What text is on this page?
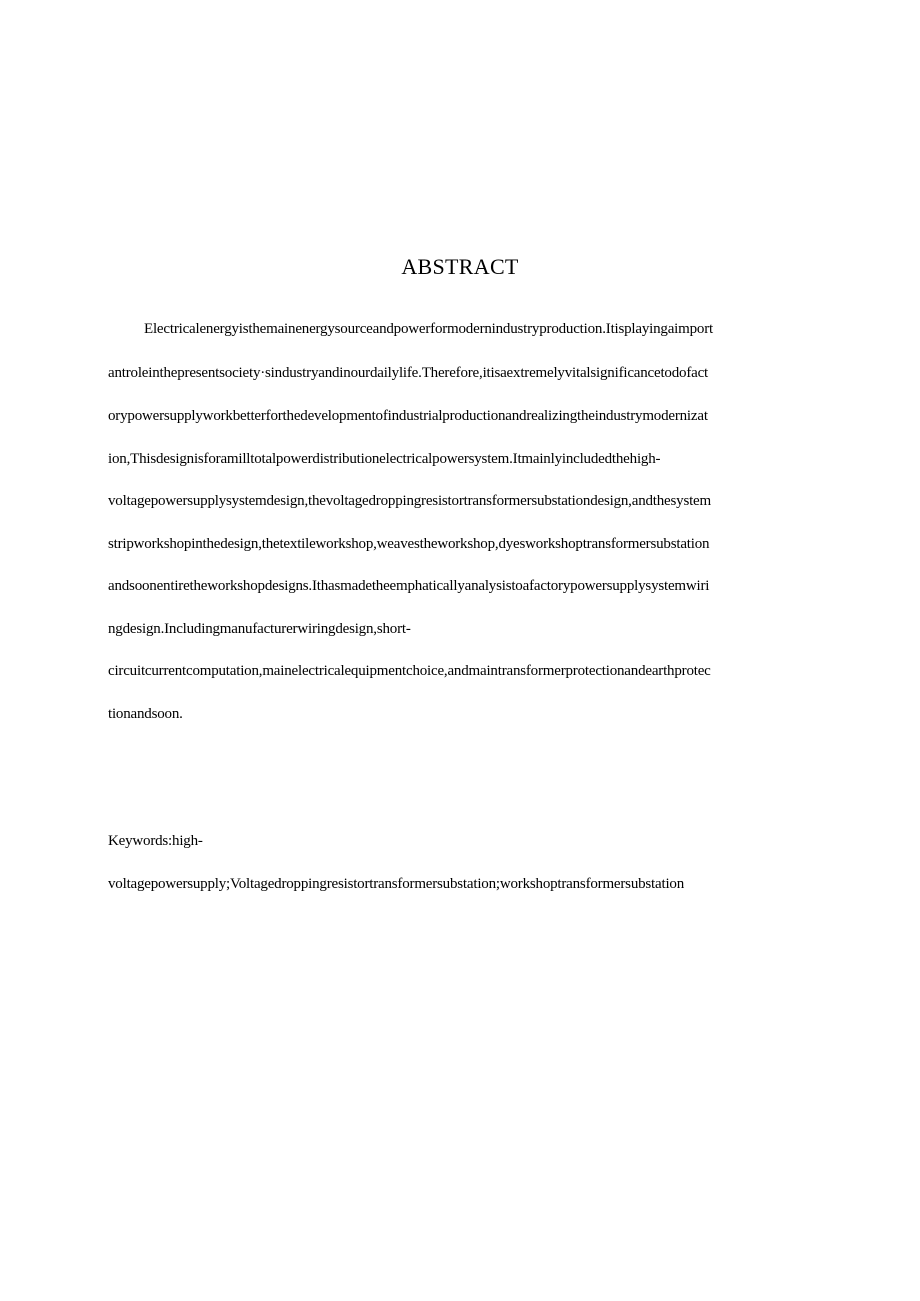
ABSTRACT
Electricalenergyisthemainenergysourceandpowerformodernindustryproduction.Itisplayingaimport
antroleinthepresentsociety·sindustryandinourdailylife.Therefore,itisaextremelyvitalsignificancetodofact
orypowersupplyworkbetterforthedevelopmentofindustrialproductionandrealizingtheindustrymodernizat
ion,Thisdesignisforamilltotalpowerdistributionelectricalpowersystem.Itmainlyincludedthehigh-
voltagepowersupplysystemdesign,thevoltagedroppingresistortransformersubstationdesign,andthesystem
stripworkshopinthedesign,thetextileworkshop,weavestheworkshop,dyesworkshoptransformersubstation
andsoonentiretheworkshopdesigns.Ithasmadetheemphaticallyanalysistoafactorypowersupplysystemwiri
ngdesign.Includingmanufacturerwiringdesign,short-
circuitcurrentcomputation,mainelectricalequipmentchoice,andmaintransformerprotectionandearthprotec
tionandsoon.
Keywords:high-
voltagepowersupply;Voltagedroppingresistortransformersubstation;workshoptransformersubstation
